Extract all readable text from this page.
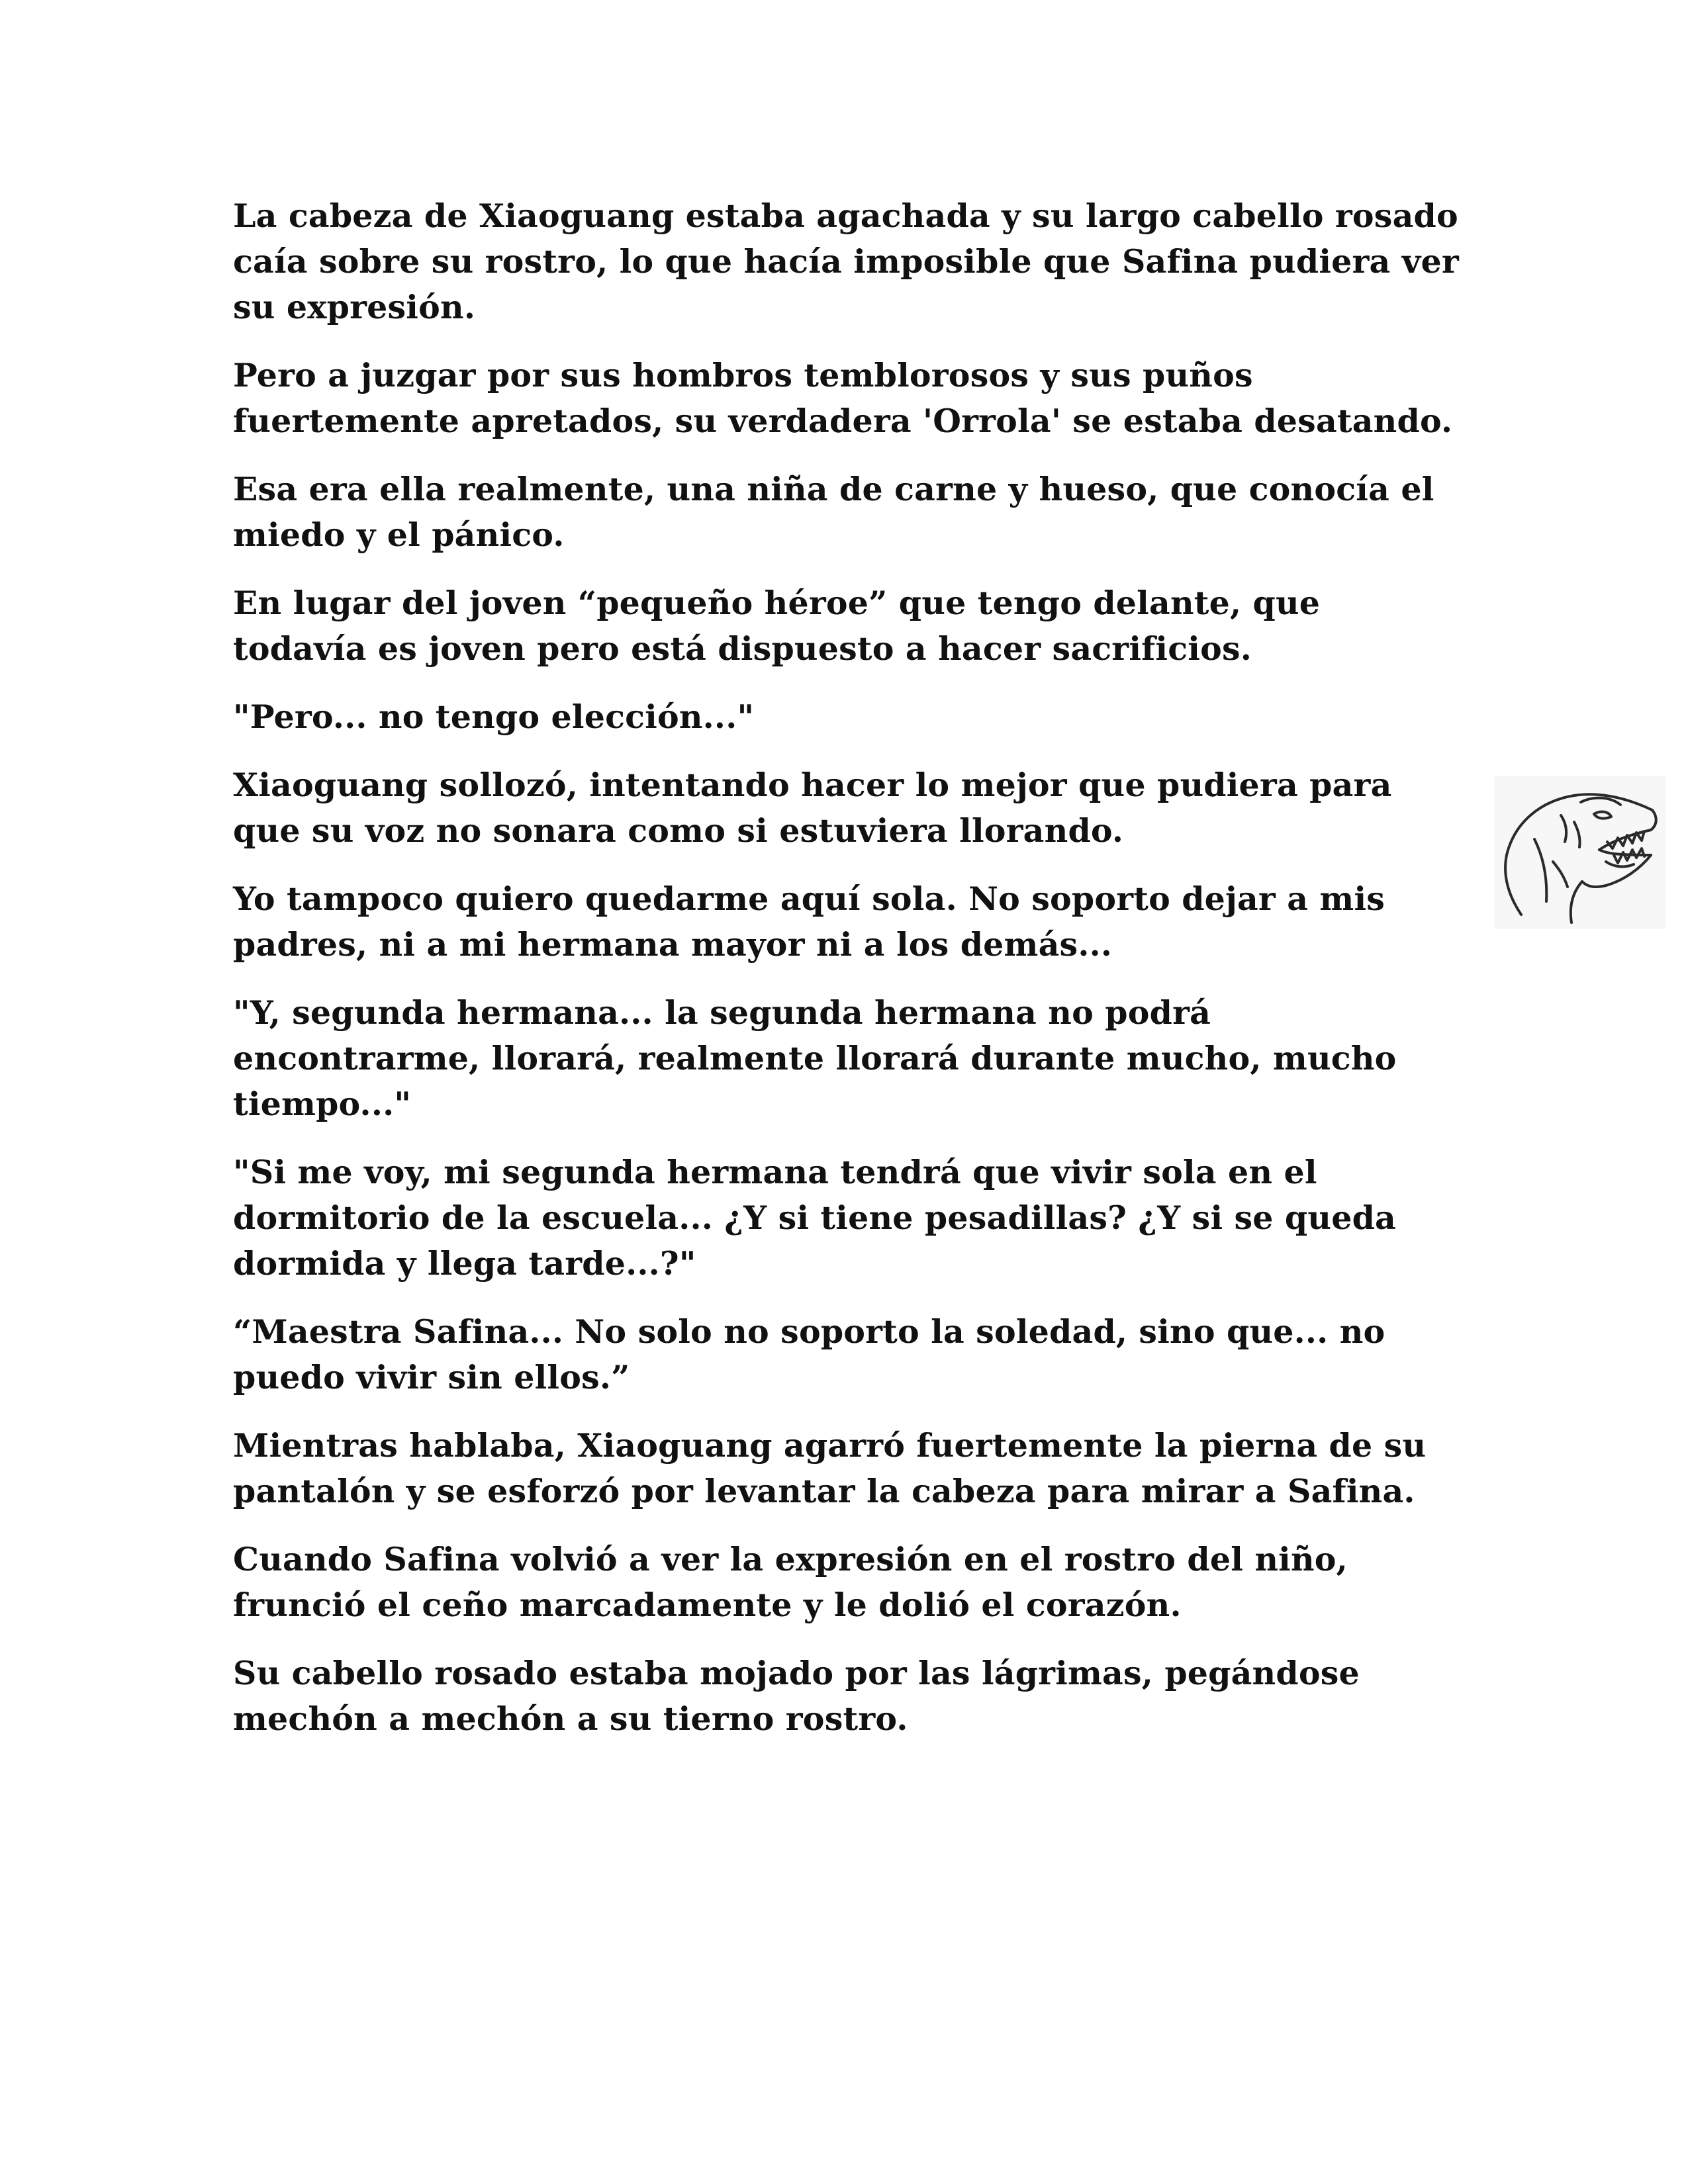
La cabeza de Xiaoguang estaba agachada y su largo cabello rosado caía sobre su rostro, lo que hacía imposible que Safina pudiera ver su expresión.

Pero a juzgar por sus hombros temblorosos y sus puños fuertemente apretados, su verdadera 'Orrola' se estaba desatando.

Esa era ella realmente, una niña de carne y hueso, que conocía el miedo y el pánico.

En lugar del joven “pequeño héroe” que tengo delante, que todavía es joven pero está dispuesto a hacer sacrificios.

"Pero... no tengo elección..."

Xiaoguang sollozó, intentando hacer lo mejor que pudiera para que su voz no sonara como si estuviera llorando.

Yo tampoco quiero quedarme aquí sola. No soporto dejar a mis padres, ni a mi hermana mayor ni a los demás...

"Y, segunda hermana... la segunda hermana no podrá encontrarme, llorará, realmente llorará durante mucho, mucho tiempo..."

"Si me voy, mi segunda hermana tendrá que vivir sola en el dormitorio de la escuela... ¿Y si tiene pesadillas? ¿Y si se queda dormida y llega tarde...?"

“Maestra Safina... No solo no soporto la soledad, sino que... no puedo vivir sin ellos.”

Mientras hablaba, Xiaoguang agarró fuertemente la pierna de su pantalón y se esforzó por levantar la cabeza para mirar a Safina.

Cuando Safina volvió a ver la expresión en el rostro del niño, frunció el ceño marcadamente y le dolió el corazón.

Su cabello rosado estaba mojado por las lágrimas, pegándose mechón a mechón a su tierno rostro.
